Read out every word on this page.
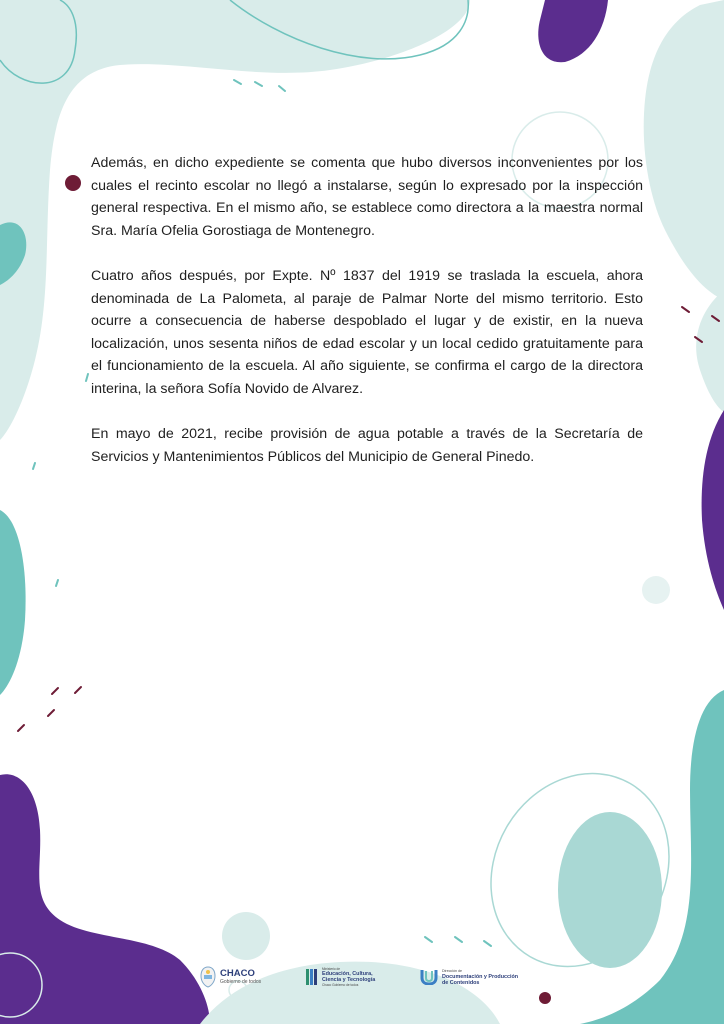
Además, en dicho expediente se comenta que hubo diversos inconvenientes por los cuales el recinto escolar no llegó a instalarse, según lo expresado por la inspección general respectiva. En el mismo año, se establece como directora a la maestra normal Sra. María Ofelia Gorostiaga de Montenegro.

Cuatro años después, por Expte. Nº 1837 del 1919 se traslada la escuela, ahora denominada de La Palometa, al paraje de Palmar Norte del mismo territorio. Esto ocurre a consecuencia de haberse despoblado el lugar y de existir, en la nueva localización, unos sesenta niños de edad escolar y un local cedido gratuitamente para el funcionamiento de la escuela. Al año siguiente, se confirma el cargo de la directora interina, la señora Sofía Novido de Alvarez.

En mayo de 2021, recibe provisión de agua potable a través de la Secretaría de Servicios y Mantenimientos Públicos del Municipio de General Pinedo.

CHACO
Gobierno de todos
Ministerio de
Educación, Cultura,
Ciencia y Tecnología
Chaco Gobierno de todos
Dirección de
Documentación y Producción
de Contenidos
